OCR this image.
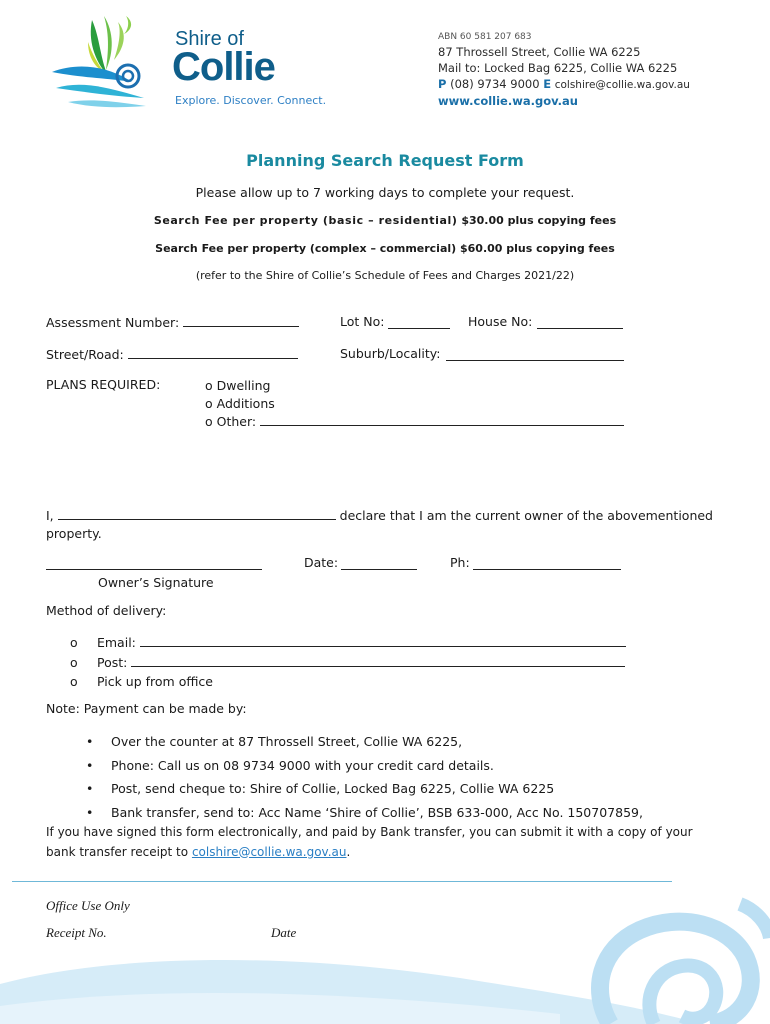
Shire of
Collie
Explore. Discover. Connect.
ABN 60 581 207 683
87 Throssell Street, Collie WA 6225
Mail to: Locked Bag 6225, Collie WA 6225
P (08) 9734 9000 E colshire@collie.wa.gov.au
www.collie.wa.gov.au
Planning Search Request Form
Please allow up to 7 working days to complete your request.
Search Fee per property (basic – residential) $30.00 plus copying fees
Search Fee per property (complex – commercial) $60.00 plus copying fees
(refer to the Shire of Collie’s Schedule of Fees and Charges 2021/22)
Assessment Number:	Lot No:	House No:
Street/Road:	Suburb/Locality:
PLANS REQUIRED:	o Dwelling
o Additions
o Other:
I,	declare that I am the current owner of the abovementioned
property.
Date:	Ph:
Owner’s Signature
Method of delivery:
o Email:
o Post:
o Pick up from office
Note: Payment can be made by:
• Over the counter at 87 Throssell Street, Collie WA 6225,
• Phone: Call us on 08 9734 9000 with your credit card details.
• Post, send cheque to: Shire of Collie, Locked Bag 6225, Collie WA 6225
• Bank transfer, send to: Acc Name ‘Shire of Collie’, BSB 633-000, Acc No. 150707859,
If you have signed this form electronically, and paid by Bank transfer, you can submit it with a copy of your
bank transfer receipt to colshire@collie.wa.gov.au.
Office Use Only
Receipt No.	Date
